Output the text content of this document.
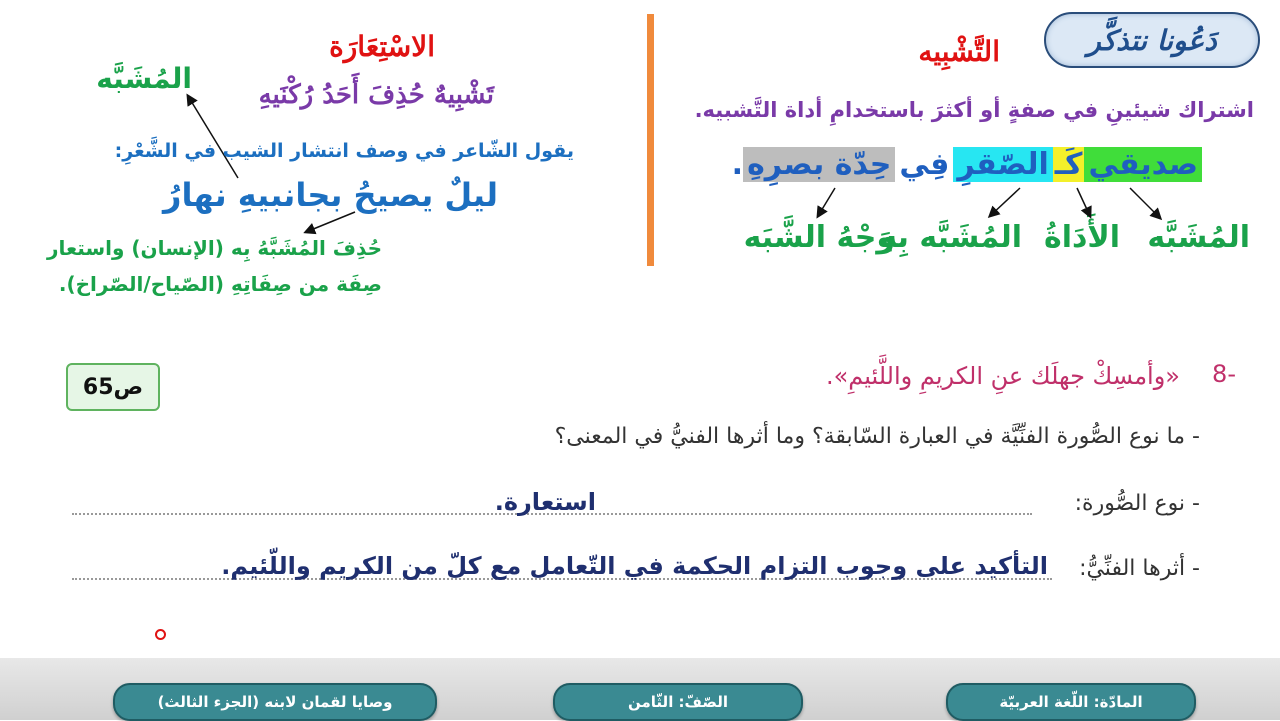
دَعُونا نتذكَّر
التَّشْبِيه
اشتراك شيئينِ في صفةٍ أو أكثرَ باستخدامِ أداة التَّشبيه.
صديقي
كَـ
الصّقرِ
فِي
حِدّة بصرِهِ
.
المُشَبَّه
الأَدَاةُ
المُشَبَّه بِهِ
وَجْهُ الشَّبَه
الاسْتِعَارَة
المُشَبَّه	تَشْبِيهٌ حُذِفَ أَحَدُ رُكْنَيهِ
يقول الشّاعر في وصف انتشار الشيب في الشَّعْرِ:
ليلٌ يصيحُ بجانبيهِ نهارُ
حُذِفَ المُشَبَّهُ بِه (الإنسان) واستعار
صِفَة من صِفَاتِهِ (الصّياح/الصّراخ).
ص65	-8
«وأمسِكْ جهلَك عنِ الكريمِ واللَّئيمِ».
- ما نوع الصُّورة الفنِّيَّة في العبارة السّابقة؟ وما أثرها الفنيُّ في المعنى؟
- نوع الصُّورة:
استعارة.
- أثرها الفنِّيُّ:
التأكيد على وجوب التزام الحكمة في التّعامل مع كلّ من الكريم واللّئيم.
المادّة: اللّغة العربيّة
الصّفّ: الثّامن
وصايا لقمان لابنه (الجزء الثالث)
